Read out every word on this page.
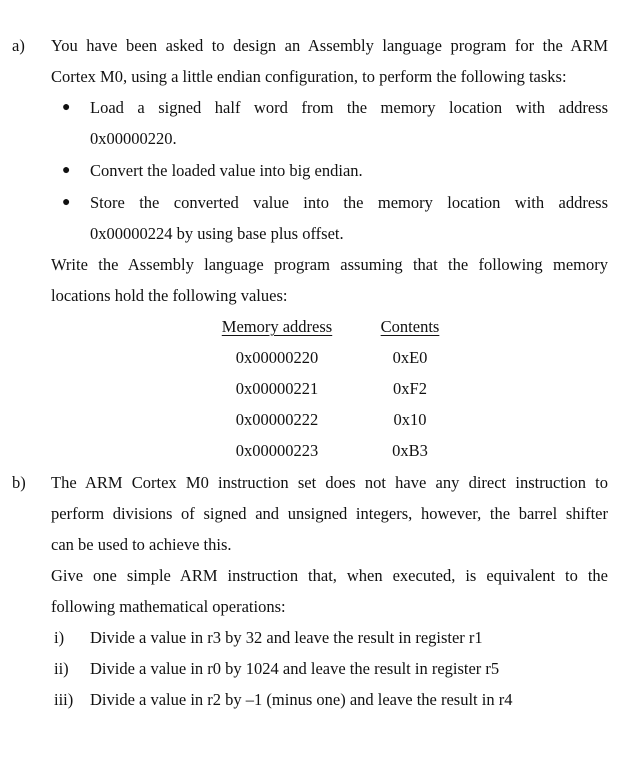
a) You have been asked to design an Assembly language program for the ARM
Cortex M0, using a little endian configuration, to perform the following tasks:
● Load a signed half word from the memory location with address
0x00000220.
● Convert the loaded value into big endian.
● Store the converted value into the memory location with address
0x00000224 by using base plus offset.
Write the Assembly language program assuming that the following memory
locations hold the following values:
Memory address	Contents
0x00000220	0xE0
0x00000221	0xF2
0x00000222	0x10
0x00000223	0xB3
b) The ARM Cortex M0 instruction set does not have any direct instruction to
perform divisions of signed and unsigned integers, however, the barrel shifter
can be used to achieve this.
Give one simple ARM instruction that, when executed, is equivalent to the
following mathematical operations:
i) Divide a value in r3 by 32 and leave the result in register r1
ii) Divide a value in r0 by 1024 and leave the result in register r5
iii) Divide a value in r2 by –1 (minus one) and leave the result in r4
